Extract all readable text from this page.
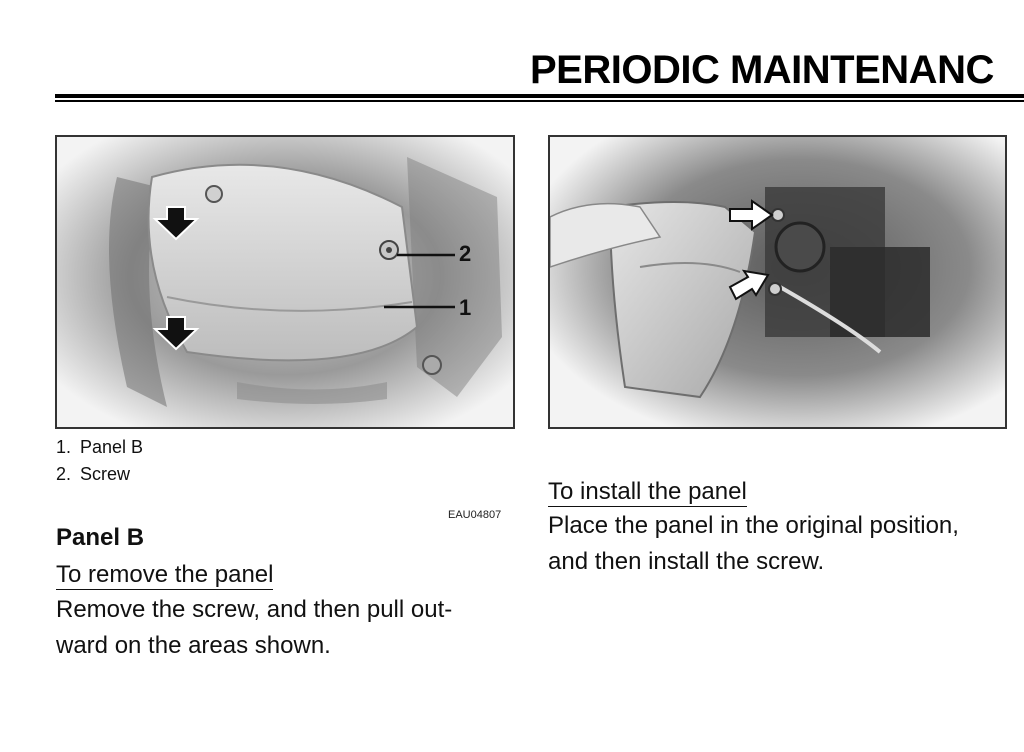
PERIODIC MAINTENANC
2
1
1. Panel B
2. Screw
EAU04807
Panel B
To remove the panel
Remove the screw, and then pull out-
ward on the areas shown.
To install the panel
Place the panel in the original position,
and then install the screw.
